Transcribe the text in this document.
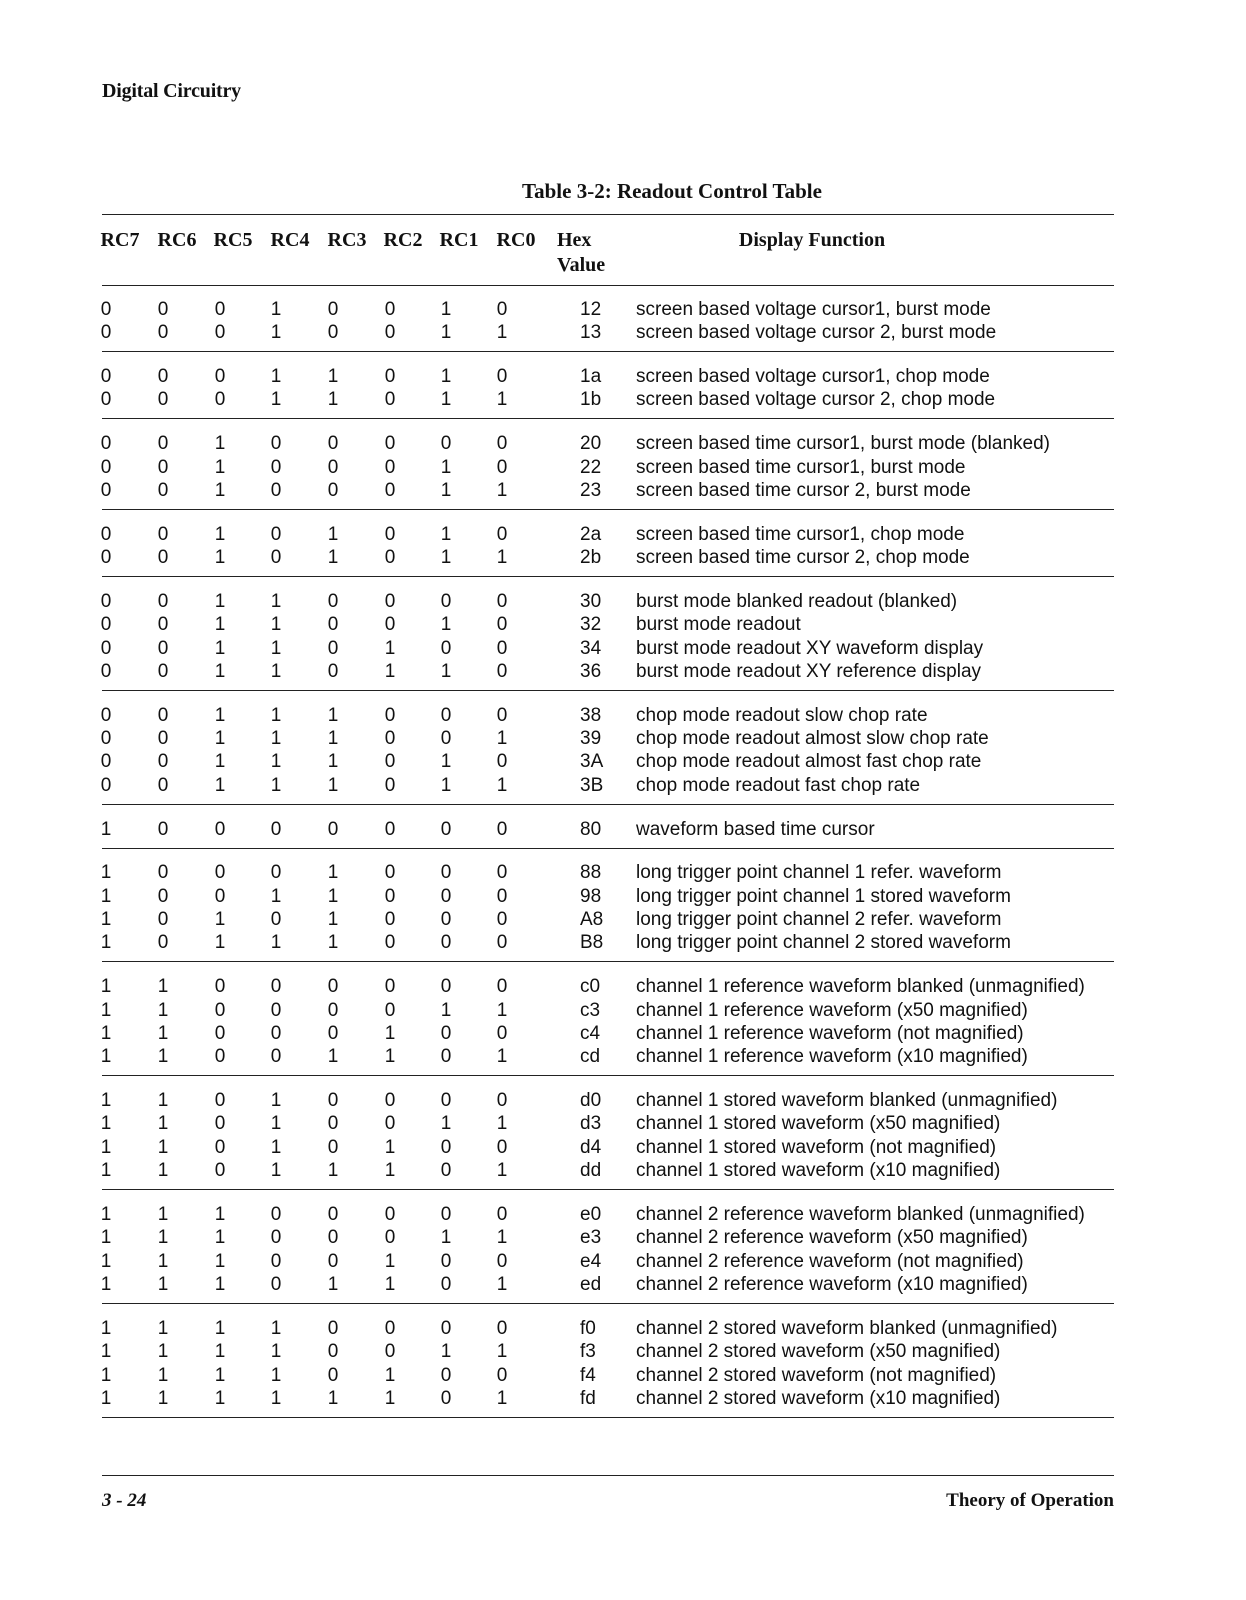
Digital Circuitry
Table 3-2: Readout Control Table
RC7 RC6 RC5 RC4 RC3 RC2 RC1 RC0 Hex
Value
Display Function
0 0 0 1 0 0 1 0	12 screen based voltage cursor1, burst mode
0 0 0 1 0 0 1 1	13 screen based voltage cursor 2, burst mode
0 0 0 1 1 0 1 0	1a screen based voltage cursor1, chop mode
0 0 0 1 1 0 1 1	1b screen based voltage cursor 2, chop mode
0 0 1 0 0 0 0 0	20 screen based time cursor1, burst mode (blanked)
0 0 1 0 0 0 1 0	22 screen based time cursor1, burst mode
0 0 1 0 0 0 1 1	23 screen based time cursor 2, burst mode
0 0 1 0 1 0 1 0	2a screen based time cursor1, chop mode
0 0 1 0 1 0 1 1	2b screen based time cursor 2, chop mode
0 0 1 1 0 0 0 0	30 burst mode blanked readout (blanked)
0 0 1 1 0 0 1 0	32 burst mode readout
0 0 1 1 0 1 0 0	34 burst mode readout XY waveform display
0 0 1 1 0 1 1 0	36 burst mode readout XY reference display
0 0 1 1 1 0 0 0	38 chop mode readout slow chop rate
0 0 1 1 1 0 0 1	39 chop mode readout almost slow chop rate
0 0 1 1 1 0 1 0	3A chop mode readout almost fast chop rate
0 0 1 1 1 0 1 1	3B chop mode readout fast chop rate
1 0 0 0 0 0 0 0	80 waveform based time cursor
1 0 0 0 1 0 0 0	88 long trigger point channel 1 refer. waveform
1 0 0 1 1 0 0 0	98 long trigger point channel 1 stored waveform
1 0 1 0 1 0 0 0	A8 long trigger point channel 2 refer. waveform
1 0 1 1 1 0 0 0	B8 long trigger point channel 2 stored waveform
1 1 0 0 0 0 0 0	c0 channel 1 reference waveform blanked (unmagnified)
1 1 0 0 0 0 1 1	c3 channel 1 reference waveform (x50 magnified)
1 1 0 0 0 1 0 0	c4 channel 1 reference waveform (not magnified)
1 1 0 0 1 1 0 1	cd channel 1 reference waveform (x10 magnified)
1 1 0 1 0 0 0 0	d0 channel 1 stored waveform blanked (unmagnified)
1 1 0 1 0 0 1 1	d3 channel 1 stored waveform (x50 magnified)
1 1 0 1 0 1 0 0	d4 channel 1 stored waveform (not magnified)
1 1 0 1 1 1 0 1	dd channel 1 stored waveform (x10 magnified)
1 1 1 0 0 0 0 0	e0 channel 2 reference waveform blanked (unmagnified)
1 1 1 0 0 0 1 1	e3 channel 2 reference waveform (x50 magnified)
1 1 1 0 0 1 0 0	e4 channel 2 reference waveform (not magnified)
1 1 1 0 1 1 0 1	ed channel 2 reference waveform (x10 magnified)
1 1 1 1 0 0 0 0	f0 channel 2 stored waveform blanked (unmagnified)
1 1 1 1 0 0 1 1	f3 channel 2 stored waveform (x50 magnified)
1 1 1 1 0 1 0 0	f4 channel 2 stored waveform (not magnified)
1 1 1 1 1 1 0 1	fd channel 2 stored waveform (x10 magnified)
3 - 24	Theory of Operation
